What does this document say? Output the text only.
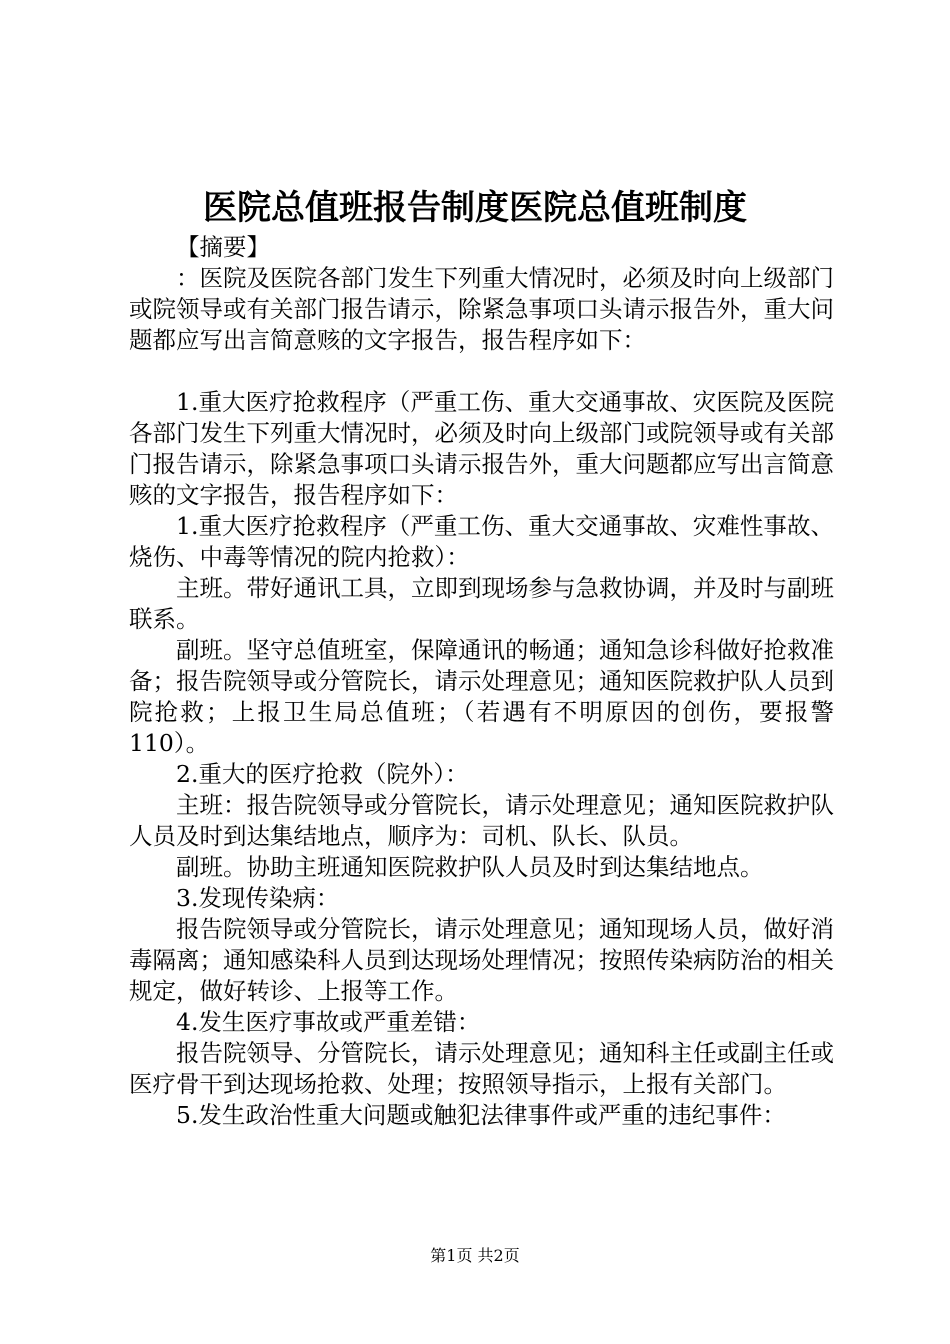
医院总值班报告制度医院总值班制度

【摘要】

：医院及医院各部门发生下列重大情况时，必须及时向上级部门或院领导或有关部门报告请示，除紧急事项口头请示报告外，重大问题都应写出言简意赅的文字报告，报告程序如下：

1.重大医疗抢救程序（严重工伤、重大交通事故、灾医院及医院各部门发生下列重大情况时，必须及时向上级部门或院领导或有关部门报告请示，除紧急事项口头请示报告外，重大问题都应写出言简意赅的文字报告，报告程序如下：

1.重大医疗抢救程序（严重工伤、重大交通事故、灾难性事故、烧伤、中毒等情况的院内抢救）：

主班。带好通讯工具，立即到现场参与急救协调，并及时与副班联系。

副班。坚守总值班室，保障通讯的畅通；通知急诊科做好抢救准备；报告院领导或分管院长，请示处理意见；通知医院救护队人员到院抢救；上报卫生局总值班；（若遇有不明原因的创伤，要报警110）。

2.重大的医疗抢救（院外）：

主班：报告院领导或分管院长，请示处理意见；通知医院救护队人员及时到达集结地点，顺序为：司机、队长、队员。

副班。协助主班通知医院救护队人员及时到达集结地点。

3.发现传染病：

报告院领导或分管院长，请示处理意见；通知现场人员，做好消毒隔离；通知感染科人员到达现场处理情况；按照传染病防治的相关规定，做好转诊、上报等工作。

4.发生医疗事故或严重差错：

报告院领导、分管院长，请示处理意见；通知科主任或副主任或医疗骨干到达现场抢救、处理；按照领导指示，上报有关部门。

5.发生政治性重大问题或触犯法律事件或严重的违纪事件：

第1页 共2页
